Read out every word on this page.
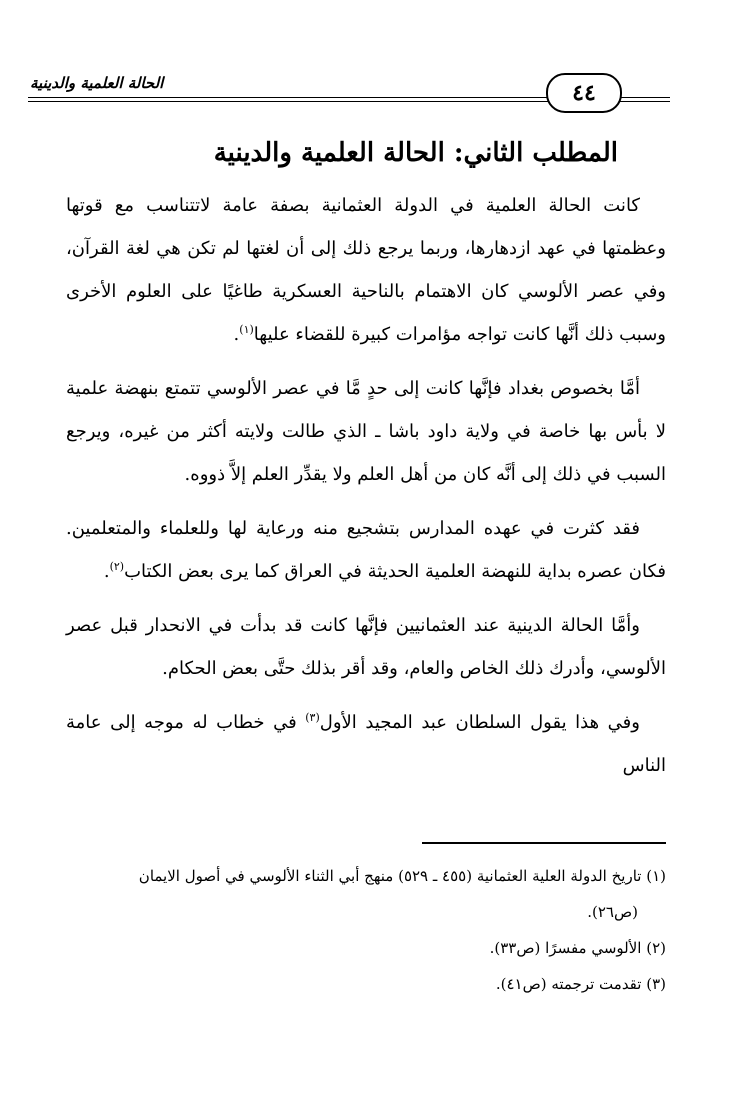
الحالة العلمية والدينية	٤٤
المطلب الثاني: الحالة العلمية والدينية

كانت الحالة العلمية في الدولة العثمانية بصفة عامة لاتتناسب مع قوتها وعظمتها في عهد ازدهارها، وربما يرجع ذلك إلى أن لغتها لم تكن هي لغة القرآن، وفي عصر الألوسي كان الاهتمام بالناحية العسكرية طاغيًا على العلوم الأخرى وسبب ذلك أنَّها كانت تواجه مؤامرات كبيرة للقضاء عليها$^{(١)}$.

أمَّا بخصوص بغداد فإنَّها كانت إلى حدٍ مَّا في عصر الألوسي تتمتع بنهضة علمية لا بأس بها خاصة في ولاية داود باشا ـ الذي طالت ولايته أكثر من غيره، ويرجع السبب في ذلك إلى أنَّه كان من أهل العلم ولا يقدِّر العلم إلاَّ ذووه.

فقد كثرت في عهده المدارس بتشجيع منه ورعاية لها وللعلماء والمتعلمين. فكان عصره بداية للنهضة العلمية الحديثة في العراق كما يرى بعض الكتاب$^{(٢)}$.

وأمَّا الحالة الدينية عند العثمانيين فإنَّها كانت قد بدأت في الانحدار قبل عصر الألوسي، وأدرك ذلك الخاص والعام، وقد أقر بذلك حتَّى بعض الحكام.

وفي هذا يقول السلطان عبد المجيد الأول$^{(٣)}$ في خطاب له موجه إلى عامة الناس

(١) تاريخ الدولة العلية العثمانية (٤٥٥ ـ ٥٢٩) منهج أبي الثناء الألوسي في أصول الايمان

(ص٢٦).

(٢) الألوسي مفسرًا (ص٣٣).

(٣) تقدمت ترجمته (ص٤١).
